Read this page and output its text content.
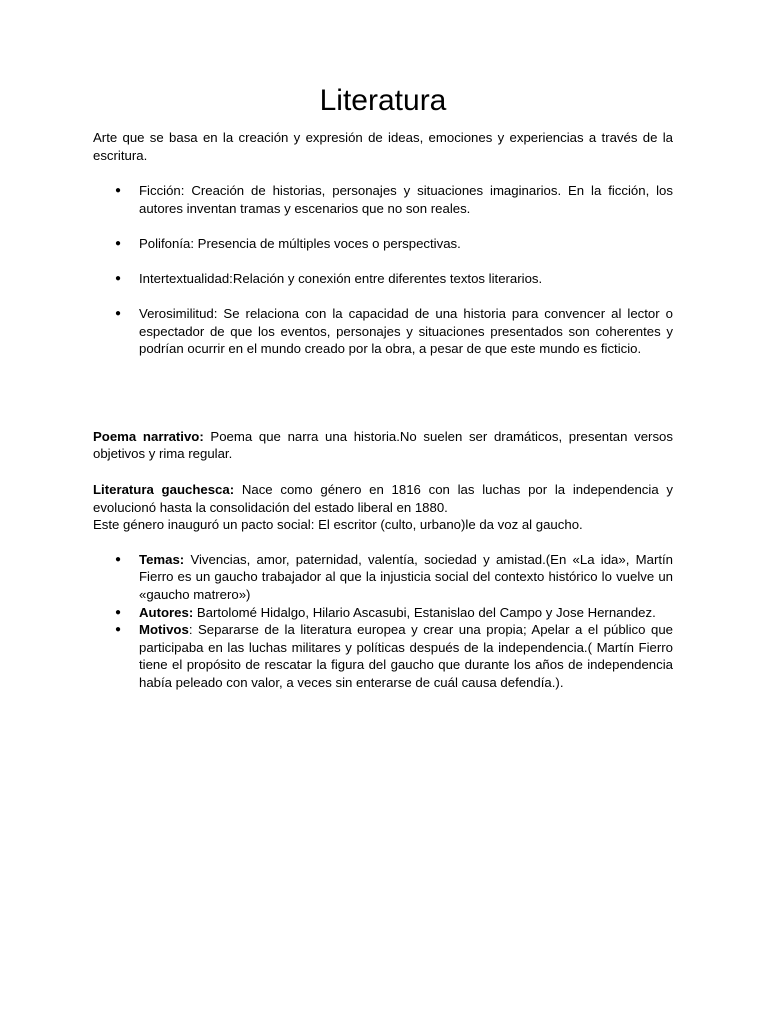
Literatura

Arte que se basa en la creación y expresión de ideas, emociones y experiencias a través de la escritura.

● Ficción: Creación de historias, personajes y situaciones imaginarios. En la ficción, los autores inventan tramas y escenarios que no son reales.
● Polifonía: Presencia de múltiples voces o perspectivas.
● Intertextualidad:Relación y conexión entre diferentes textos literarios.
● Verosimilitud: Se relaciona con la capacidad de una historia para convencer al lector o espectador de que los eventos, personajes y situaciones presentados son coherentes y podrían ocurrir en el mundo creado por la obra, a pesar de que este mundo es ficticio.

Poema narrativo: Poema que narra una historia.No suelen ser dramáticos, presentan versos objetivos y rima regular.

Literatura gauchesca: Nace como género en 1816 con las luchas por la independencia y evolucionó hasta la consolidación del estado liberal en 1880.

Este género inauguró un pacto social: El escritor (culto, urbano)le da voz al gaucho.

● Temas: Vivencias, amor, paternidad, valentía, sociedad y amistad.(En «La ida», Martín Fierro es un gaucho trabajador al que la injusticia social del contexto histórico lo vuelve un «gaucho matrero»)
● Autores: Bartolomé Hidalgo, Hilario Ascasubi, Estanislao del Campo y Jose Hernandez.
● Motivos: Separarse de la literatura europea y crear una propia; Apelar a el público que participaba en las luchas militares y políticas después de la independencia.( Martín Fierro tiene el propósito de rescatar la figura del gaucho que durante los años de independencia había peleado con valor, a veces sin enterarse de cuál causa defendía.).
